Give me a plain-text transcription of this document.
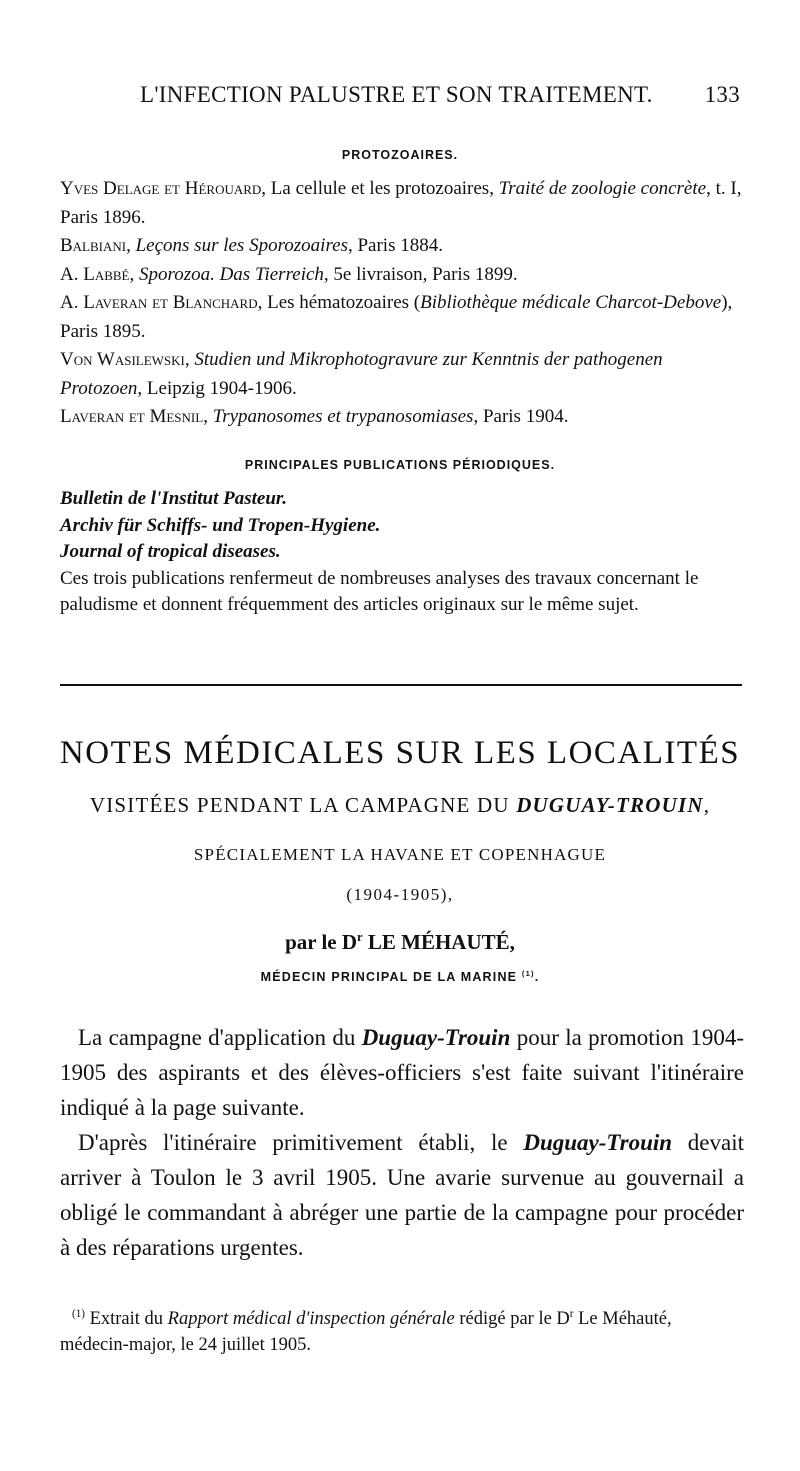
L'INFECTION PALUSTRE ET SON TRAITEMENT. 133
PROTOZOAIRES.

Yves Delage et Hérouard, La cellule et les protozoaires, Traité de zoologie concrète, t. I, Paris 1896.

Balbiani, Leçons sur les Sporozoaires, Paris 1884.

A. Labbé, Sporozoa. Das Tierreich, 5e livraison, Paris 1899.

A. Laveran et Blanchard, Les hématozoaires (Bibliothèque médicale Charcot-Debove), Paris 1895.

Von Wasilewski, Studien und Mikrophotogravure zur Kenntnis der pathogenen Protozoen, Leipzig 1904-1906.

Laveran et Mesnil, Trypanosomes et trypanosomiases, Paris 1904.

PRINCIPALES PUBLICATIONS PÉRIODIQUES.

Bulletin de l'Institut Pasteur.

Archiv für Schiffs- und Tropen-Hygiene.

Journal of tropical diseases.

Ces trois publications renfermeut de nombreuses analyses des travaux concernant le paludisme et donnent fréquemment des articles originaux sur le même sujet.

NOTES MÉDICALES SUR LES LOCALITÉS
VISITÉES PENDANT LA CAMPAGNE DU DUGUAY-TROUIN,
SPÉCIALEMENT LA HAVANE ET COPENHAGUE
(1904-1905),
par le $D^r$ LE MÉHAUTÉ,
MÉDECIN PRINCIPAL DE LA MARINE $^{(1)}$.

La campagne d'application du Duguay-Trouin pour la promotion 1904-1905 des aspirants et des élèves-officiers s'est faite suivant l'itinéraire indiqué à la page suivante.

D'après l'itinéraire primitivement établi, le Duguay-Trouin devait arriver à Toulon le 3 avril 1905. Une avarie survenue au gouvernail a obligé le commandant à abréger une partie de la campagne pour procéder à des réparations urgentes.

$^{(1)}$ Extrait du Rapport médical d'inspection générale rédigé par le $D^r$ Le Méhauté, médecin-major, le 24 juillet 1905.
